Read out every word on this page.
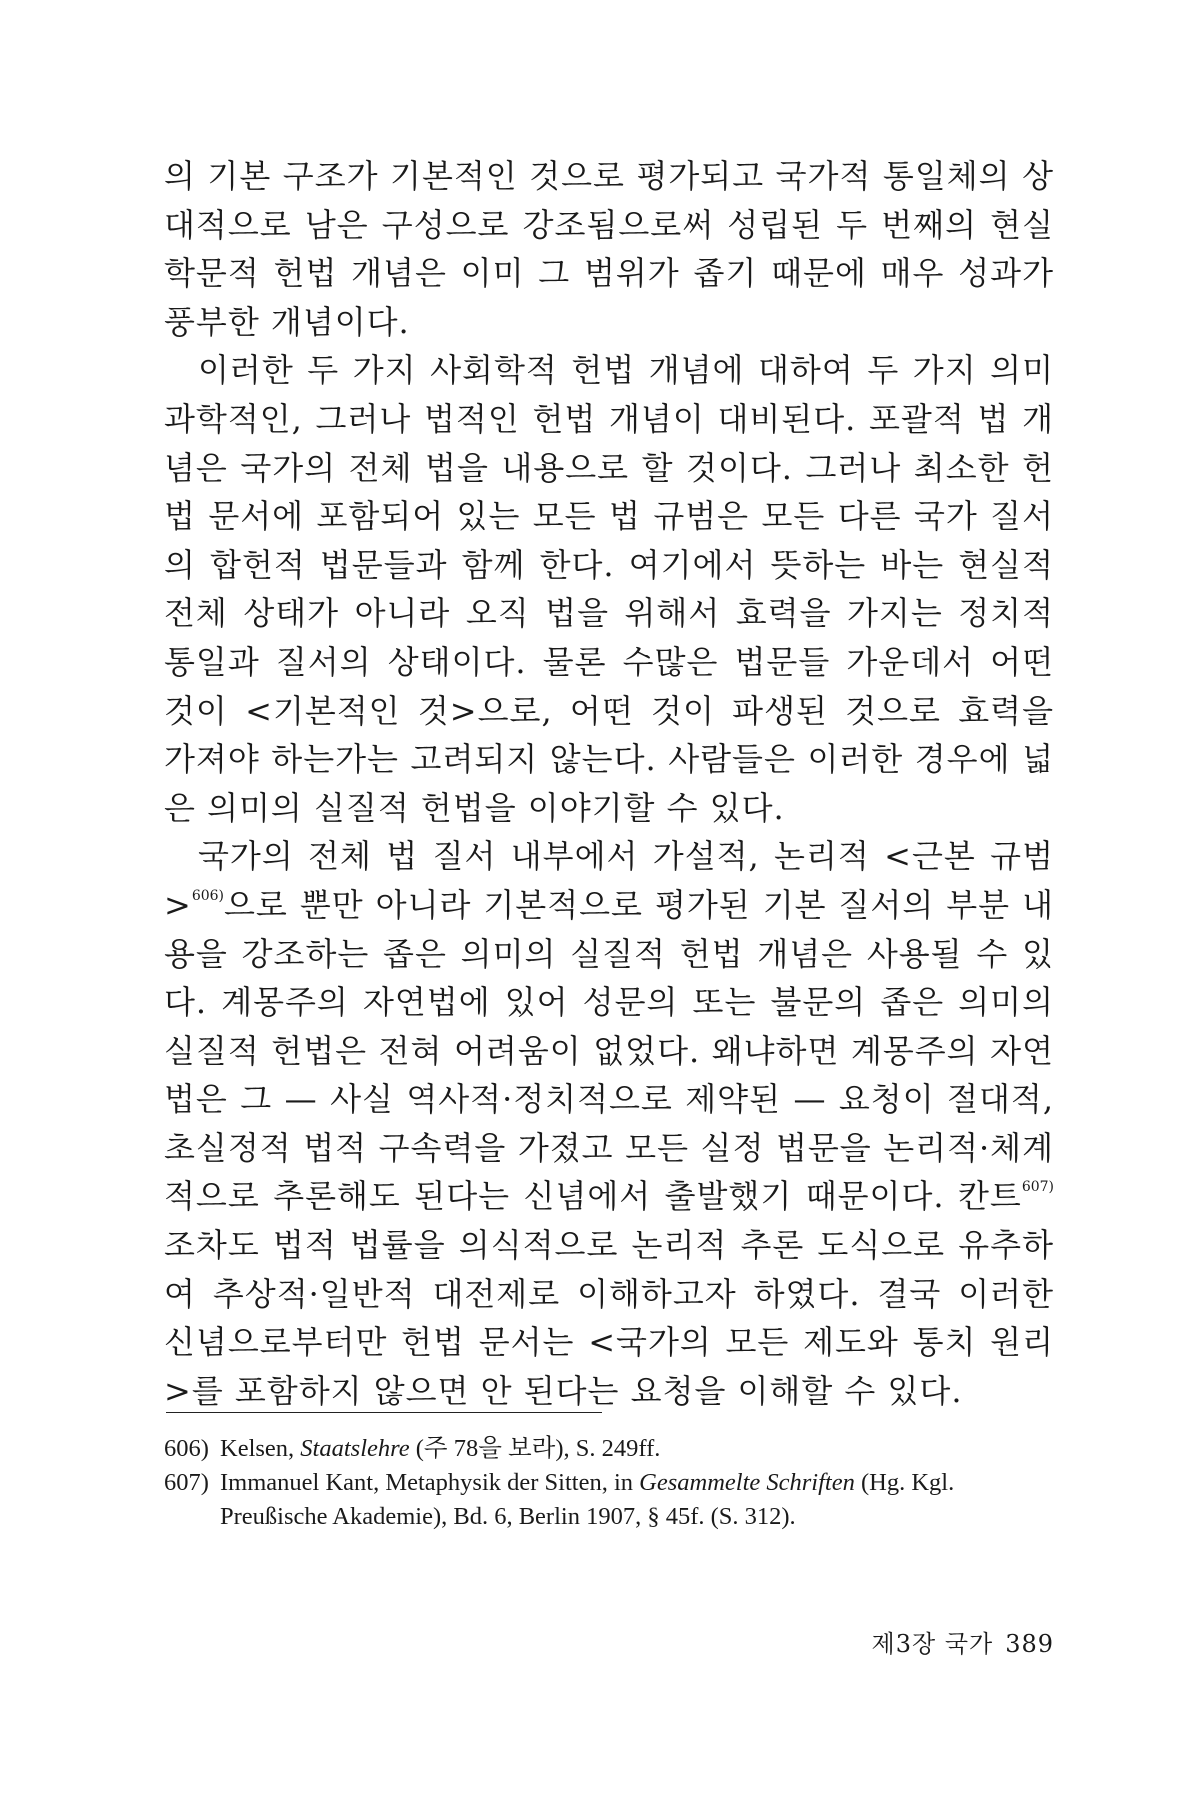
의 기본 구조가 기본적인 것으로 평가되고 국가적 통일체의 상대적으로 남은 구성으로 강조됨으로써 성립된 두 번째의 현실 학문적 헌법 개념은 이미 그 범위가 좁기 때문에 매우 성과가 풍부한 개념이다.

이러한 두 가지 사회학적 헌법 개념에 대하여 두 가지 의미 과학적인, 그러나 법적인 헌법 개념이 대비된다. 포괄적 법 개념은 국가의 전체 법을 내용으로 할 것이다. 그러나 최소한 헌법 문서에 포함되어 있는 모든 법 규범은 모든 다른 국가 질서의 합헌적 법문들과 함께 한다. 여기에서 뜻하는 바는 현실적 전체 상태가 아니라 오직 법을 위해서 효력을 가지는 정치적 통일과 질서의 상태이다. 물론 수많은 법문들 가운데서 어떤 것이 <기본적인 것>으로, 어떤 것이 파생된 것으로 효력을 가져야 하는가는 고려되지 않는다. 사람들은 이러한 경우에 넓은 의미의 실질적 헌법을 이야기할 수 있다.

국가의 전체 법 질서 내부에서 가설적, 논리적 <근본 규범>$^{606)}$으로 뿐만 아니라 기본적으로 평가된 기본 질서의 부분 내용을 강조하는 좁은 의미의 실질적 헌법 개념은 사용될 수 있다. 계몽주의 자연법에 있어 성문의 또는 불문의 좁은 의미의 실질적 헌법은 전혀 어려움이 없었다. 왜냐하면 계몽주의 자연법은 그 — 사실 역사적·정치적으로 제약된 — 요청이 절대적, 초실정적 법적 구속력을 가졌고 모든 실정 법문을 논리적·체계적으로 추론해도 된다는 신념에서 출발했기 때문이다. 칸트$^{607)}$조차도 법적 법률을 의식적으로 논리적 추론 도식으로 유추하여 추상적·일반적 대전제로 이해하고자 하였다. 결국 이러한 신념으로부터만 헌법 문서는 <국가의 모든 제도와 통치 원리>를 포함하지 않으면 안 된다는 요청을 이해할 수 있다.

606) Kelsen, Staatslehre (주 78을 보라), S. 249ff.
607) Immanuel Kant, Metaphysik der Sitten, in Gesammelte Schriften (Hg. Kgl. Preußische Akademie), Bd. 6, Berlin 1907, § 45f. (S. 312).
제3장 국가 389
